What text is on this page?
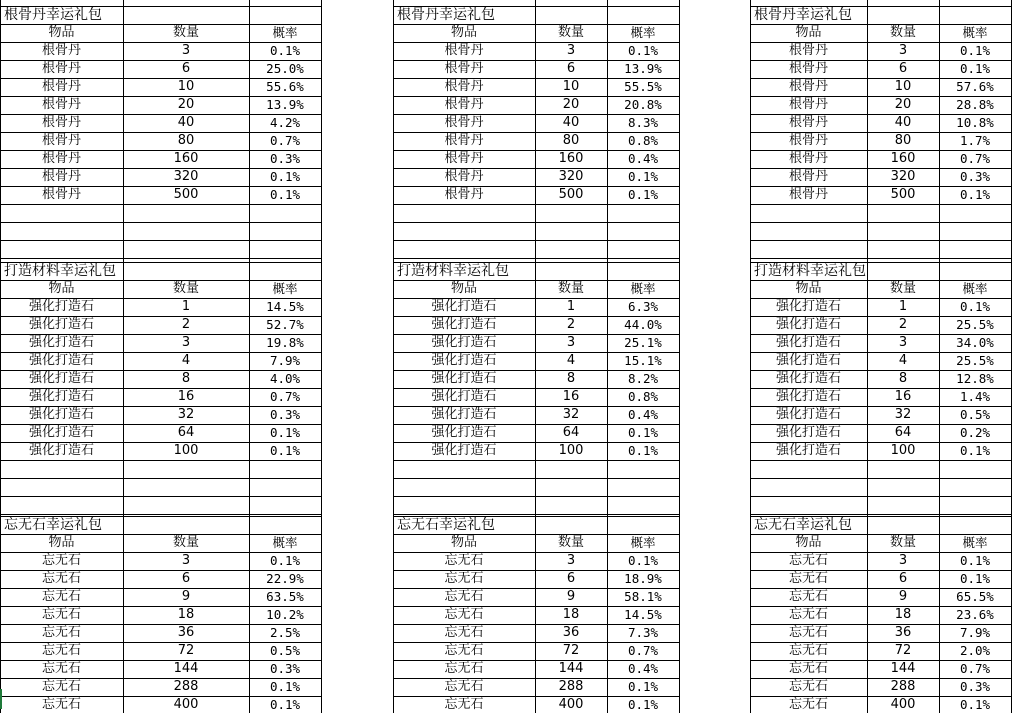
根骨丹幸运礼包
物品	数量	概率
根骨丹	3	0.1%
根骨丹	6	25.0%
根骨丹	10	55.6%
根骨丹	20	13.9%
根骨丹	40	4.2%
根骨丹	80	0.7%
根骨丹	160	0.3%
根骨丹	320	0.1%
根骨丹	500	0.1%
打造材料幸运礼包
物品	数量	概率
强化打造石	1	14.5%
强化打造石	2	52.7%
强化打造石	3	19.8%
强化打造石	4	7.9%
强化打造石	8	4.0%
强化打造石	16	0.7%
强化打造石	32	0.3%
强化打造石	64	0.1%
强化打造石	100	0.1%
忘无石幸运礼包
物品	数量	概率
忘无石	3	0.1%
忘无石	6	22.9%
忘无石	9	63.5%
忘无石	18	10.2%
忘无石	36	2.5%
忘无石	72	0.5%
忘无石	144	0.3%
忘无石	288	0.1%
忘无石	400	0.1%
根骨丹幸运礼包
物品	数量	概率
根骨丹	3	0.1%
根骨丹	6	13.9%
根骨丹	10	55.5%
根骨丹	20	20.8%
根骨丹	40	8.3%
根骨丹	80	0.8%
根骨丹	160	0.4%
根骨丹	320	0.1%
根骨丹	500	0.1%
打造材料幸运礼包
物品	数量	概率
强化打造石	1	6.3%
强化打造石	2	44.0%
强化打造石	3	25.1%
强化打造石	4	15.1%
强化打造石	8	8.2%
强化打造石	16	0.8%
强化打造石	32	0.4%
强化打造石	64	0.1%
强化打造石	100	0.1%
忘无石幸运礼包
物品	数量	概率
忘无石	3	0.1%
忘无石	6	18.9%
忘无石	9	58.1%
忘无石	18	14.5%
忘无石	36	7.3%
忘无石	72	0.7%
忘无石	144	0.4%
忘无石	288	0.1%
忘无石	400	0.1%
根骨丹幸运礼包
物品	数量	概率
根骨丹	3	0.1%
根骨丹	6	0.1%
根骨丹	10	57.6%
根骨丹	20	28.8%
根骨丹	40	10.8%
根骨丹	80	1.7%
根骨丹	160	0.7%
根骨丹	320	0.3%
根骨丹	500	0.1%
打造材料幸运礼包
物品	数量	概率
强化打造石	1	0.1%
强化打造石	2	25.5%
强化打造石	3	34.0%
强化打造石	4	25.5%
强化打造石	8	12.8%
强化打造石	16	1.4%
强化打造石	32	0.5%
强化打造石	64	0.2%
强化打造石	100	0.1%
忘无石幸运礼包
物品	数量	概率
忘无石	3	0.1%
忘无石	6	0.1%
忘无石	9	65.5%
忘无石	18	23.6%
忘无石	36	7.9%
忘无石	72	2.0%
忘无石	144	0.7%
忘无石	288	0.3%
忘无石	400	0.1%
